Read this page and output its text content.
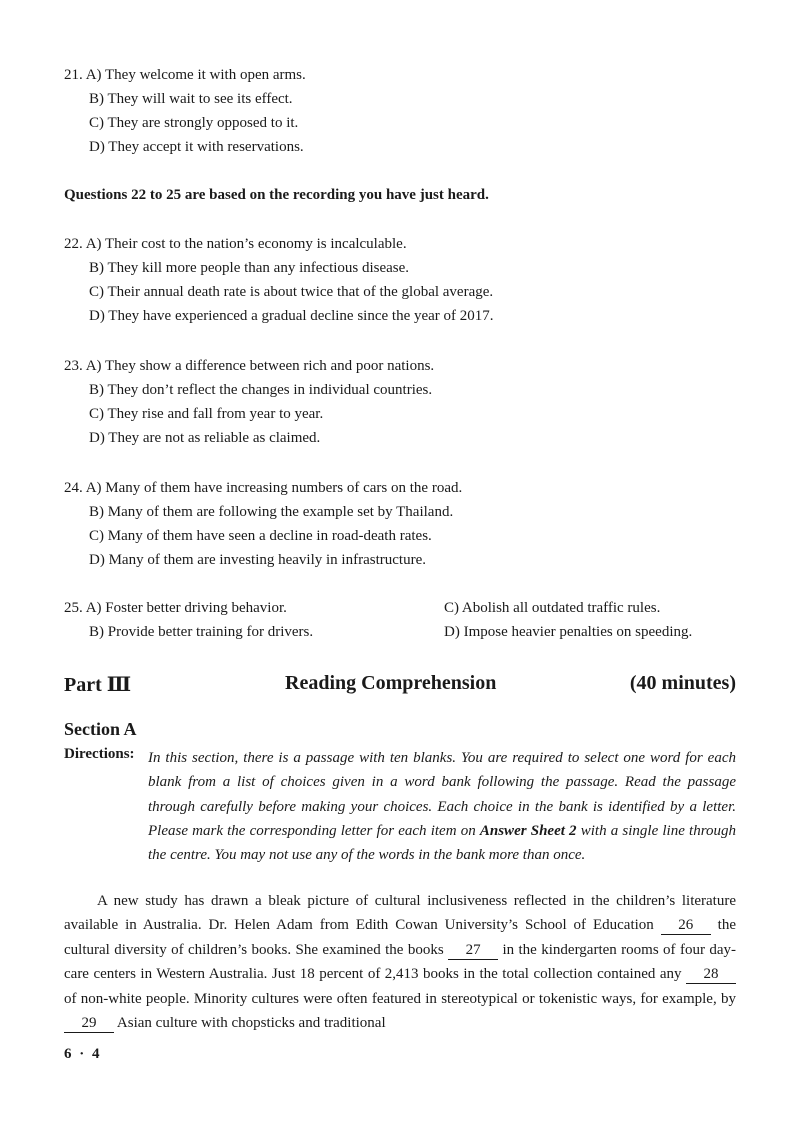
21. A) They welcome it with open arms.
B) They will wait to see its effect.
C) They are strongly opposed to it.
D) They accept it with reservations.
Questions 22 to 25 are based on the recording you have just heard.
22. A) Their cost to the nation’s economy is incalculable.
B) They kill more people than any infectious disease.
C) Their annual death rate is about twice that of the global average.
D) They have experienced a gradual decline since the year of 2017.
23. A) They show a difference between rich and poor nations.
B) They don’t reflect the changes in individual countries.
C) They rise and fall from year to year.
D) They are not as reliable as claimed.
24. A) Many of them have increasing numbers of cars on the road.
B) Many of them are following the example set by Thailand.
C) Many of them have seen a decline in road-death rates.
D) Many of them are investing heavily in infrastructure.
25. A) Foster better driving behavior.	C) Abolish all outdated traffic rules.
B) Provide better training for drivers.	D) Impose heavier penalties on speeding.
Part Ⅲ	Reading Comprehension	(40 minutes)
Section A
Directions: In this section, there is a passage with ten blanks. You are required to select one word for each blank from a list of choices given in a word bank following the passage. Read the passage through carefully before making your choices. Each choice in the bank is identified by a letter. Please mark the corresponding letter for each item on Answer Sheet 2 with a single line through the centre. You may not use any of the words in the bank more than once.

A new study has drawn a bleak picture of cultural inclusiveness reflected in the children’s literature available in Australia. Dr. Helen Adam from Edith Cowan University’s School of Education 26 the cultural diversity of children’s books. She examined the books 27 in the kindergarten rooms of four day-care centers in Western Australia. Just 18 percent of 2,413 books in the total collection contained any 28 of non-white people. Minority cultures were often featured in stereotypical or tokenistic ways, for example, by 29 Asian culture with chopsticks and traditional

6 · 4
